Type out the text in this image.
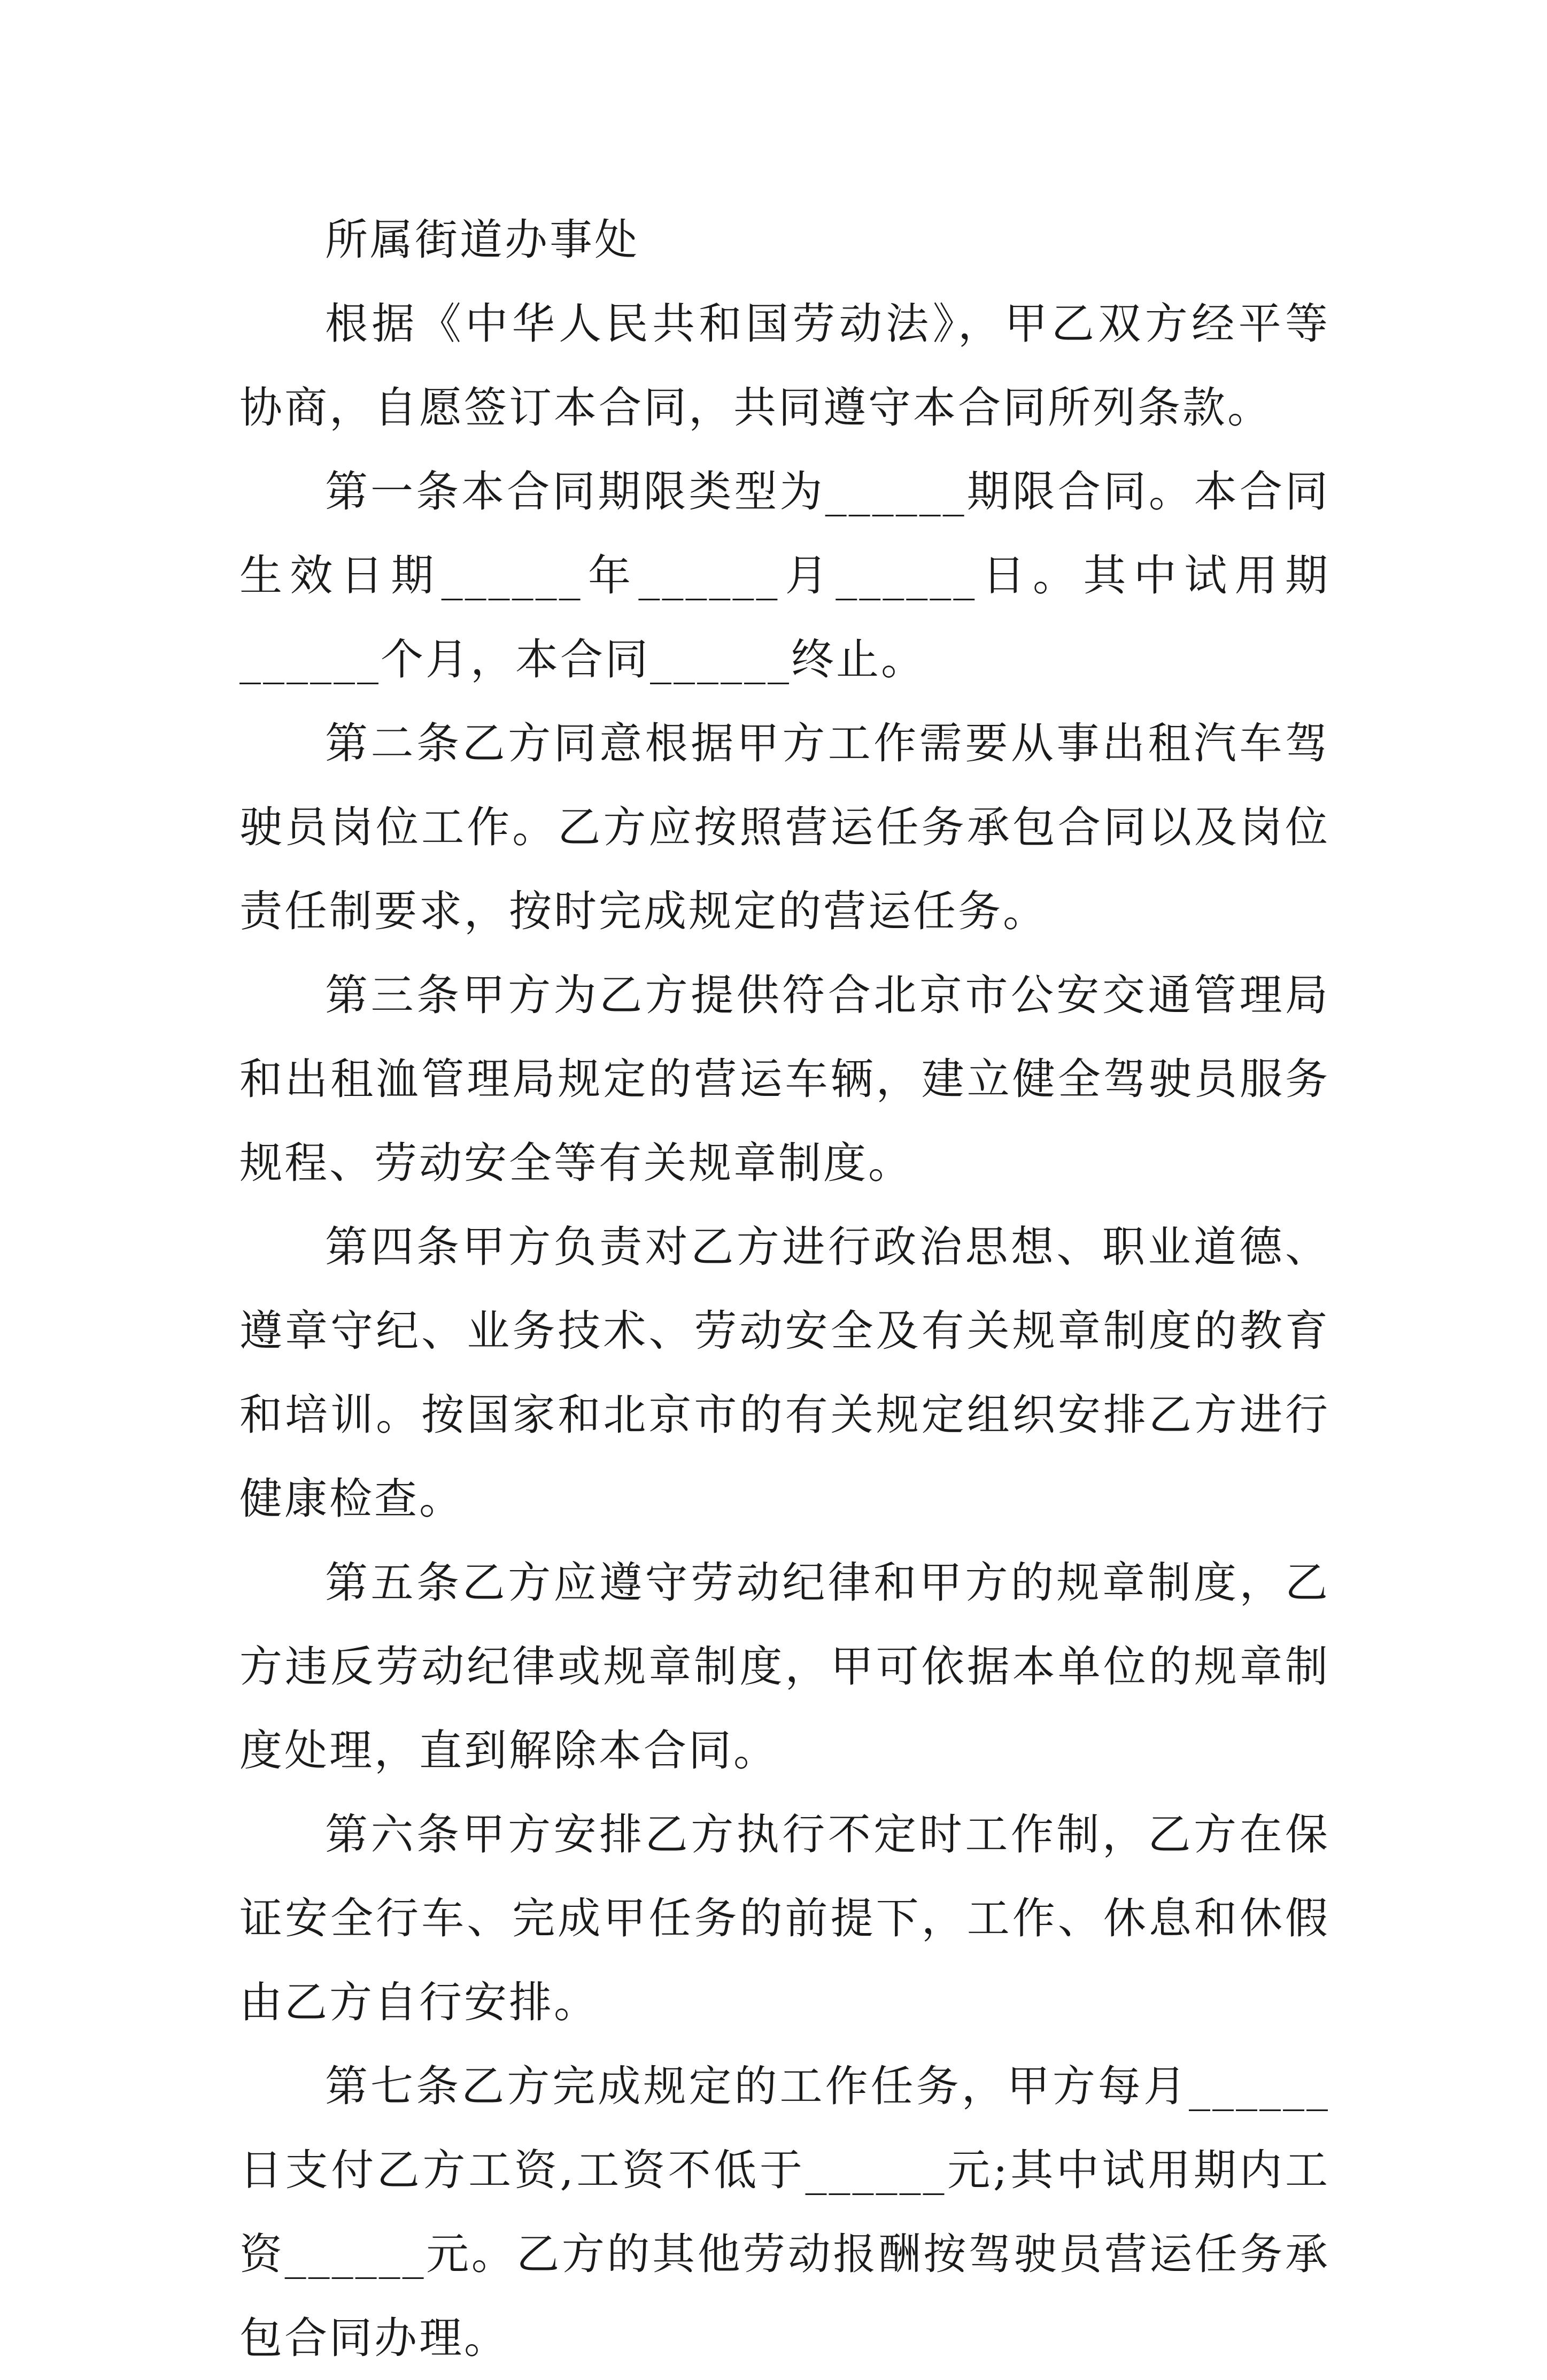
所属街道办事处

根据《中华人民共和国劳动法》，甲乙双方经平等协商，自愿签订本合同，共同遵守本合同所列条款。

第一条本合同期限类型为______期限合同。本合同生效日期______年______月______日。其中试用期______个月，本合同______终止。

第二条乙方同意根据甲方工作需要从事出租汽车驾驶员岗位工作。乙方应按照营运任务承包合同以及岗位责任制要求，按时完成规定的营运任务。

第三条甲方为乙方提供符合北京市公安交通管理局和出租洫管理局规定的营运车辆，建立健全驾驶员服务规程、劳动安全等有关规章制度。

第四条甲方负责对乙方进行政治思想、职业道德、遵章守纪、业务技术、劳动安全及有关规章制度的教育和培训。按国家和北京市的有关规定组织安排乙方进行健康检查。

第五条乙方应遵守劳动纪律和甲方的规章制度，乙方违反劳动纪律或规章制度，甲可依据本单位的规章制度处理，直到解除本合同。

第六条甲方安排乙方执行不定时工作制，乙方在保证安全行车、完成甲任务的前提下，工作、休息和休假由乙方自行安排。

第七条乙方完成规定的工作任务，甲方每月______日支付乙方工资,工资不低于______元;其中试用期内工资______元。乙方的其他劳动报酬按驾驶员营运任务承包合同办理。
